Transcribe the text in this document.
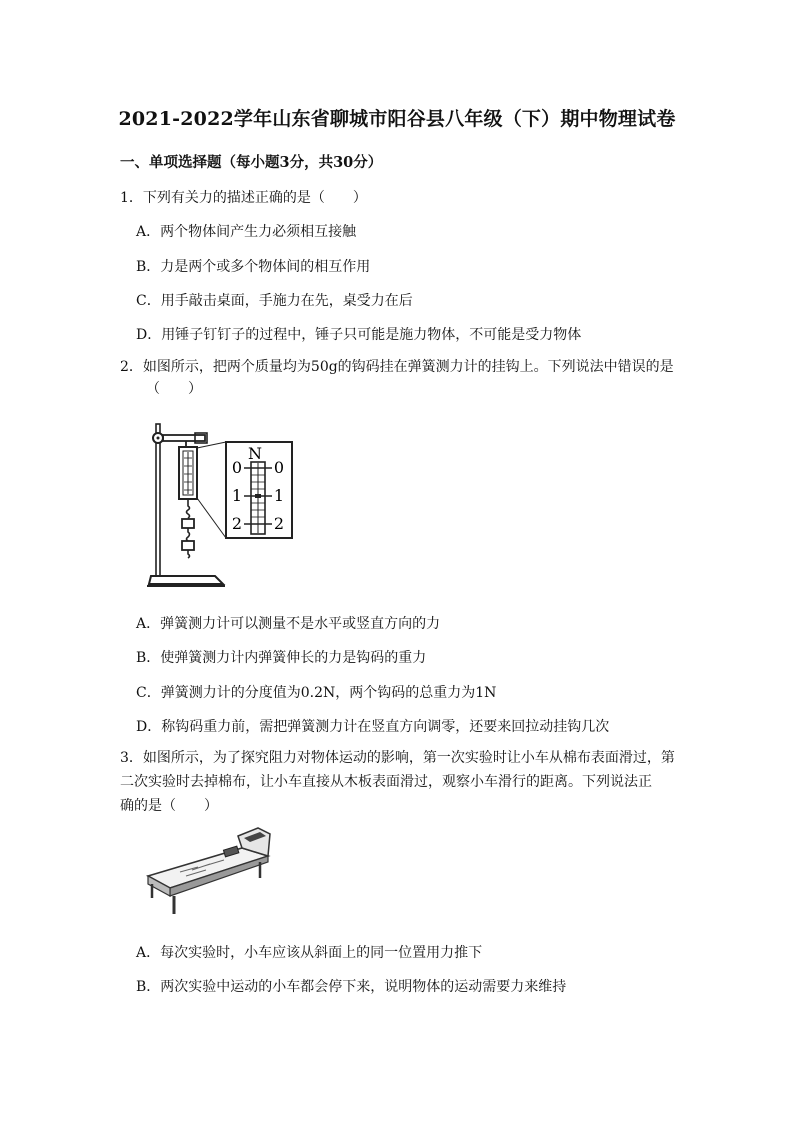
2021-2022学年山东省聊城市阳谷县八年级（下）期中物理试卷
一、单项选择题（每小题3分，共30分）
1．下列有关力的描述正确的是（　　）
A．两个物体间产生力必须相互接触
B．力是两个或多个物体间的相互作用
C．用手敲击桌面，手施力在先，桌受力在后
D．用锤子钉钉子的过程中，锤子只可能是施力物体，不可能是受力物体
2．如图所示，把两个质量均为50g的钩码挂在弹簧测力计的挂钩上。下列说法中错误的是
（　　）
N
0
1
2
0
1
2
A．弹簧测力计可以测量不是水平或竖直方向的力
B．使弹簧测力计内弹簧伸长的力是钩码的重力
C．弹簧测力计的分度值为0.2N，两个钩码的总重力为1N
D．称钩码重力前，需把弹簧测力计在竖直方向调零，还要来回拉动挂钩几次
3．如图所示，为了探究阻力对物体运动的影响，第一次实验时让小车从棉布表面滑过，第
二次实验时去掉棉布，让小车直接从木板表面滑过，观察小车滑行的距离。下列说法正
确的是（　　）
A．每次实验时，小车应该从斜面上的同一位置用力推下
B．两次实验中运动的小车都会停下来，说明物体的运动需要力来维持
